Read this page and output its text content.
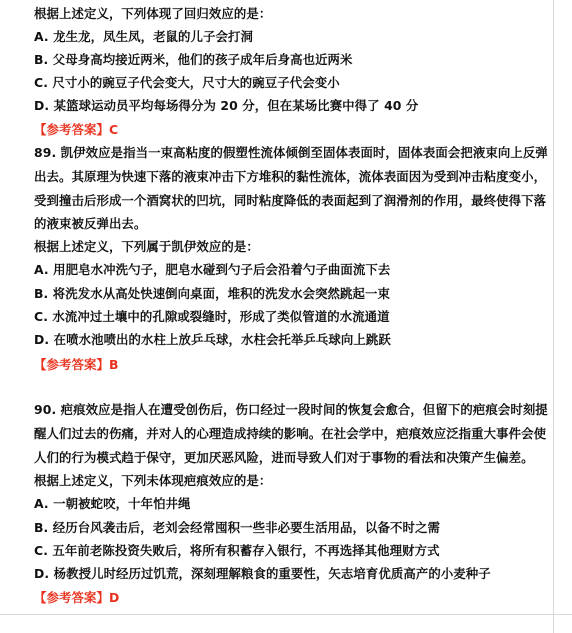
根据上述定义，下列体现了回归效应的是：
A. 龙生龙，凤生凤，老鼠的儿子会打洞
B. 父母身高均接近两米，他们的孩子成年后身高也近两米
C. 尺寸小的豌豆子代会变大，尺寸大的豌豆子代会变小
D. 某篮球运动员平均每场得分为 20 分，但在某场比赛中得了 40 分
【参考答案】C
89. 凯伊效应是指当一束高粘度的假塑性流体倾倒至固体表面时，固体表面会把液束向上反弹
出去。其原理为快速下落的液束冲击下方堆积的黏性流体，流体表面因为受到冲击粘度变小，
受到撞击后形成一个酒窝状的凹坑，同时粘度降低的表面起到了润滑剂的作用，最终使得下落
的液束被反弹出去。
根据上述定义，下列属于凯伊效应的是：
A. 用肥皂水冲洗勺子，肥皂水碰到勺子后会沿着勺子曲面流下去
B. 将洗发水从高处快速倒向桌面，堆积的洗发水会突然跳起一束
C. 水流冲过土壤中的孔隙或裂缝时，形成了类似管道的水流通道
D. 在喷水池喷出的水柱上放乒乓球，水柱会托举乒乓球向上跳跃
【参考答案】B
90. 疤痕效应是指人在遭受创伤后，伤口经过一段时间的恢复会愈合，但留下的疤痕会时刻提
醒人们过去的伤痛，并对人的心理造成持续的影响。在社会学中，疤痕效应泛指重大事件会使
人们的行为模式趋于保守，更加厌恶风险，进而导致人们对于事物的看法和决策产生偏差。
根据上述定义，下列未体现疤痕效应的是：
A. 一朝被蛇咬，十年怕井绳
B. 经历台风袭击后，老刘会经常囤积一些非必要生活用品，以备不时之需
C. 五年前老陈投资失败后，将所有积蓄存入银行，不再选择其他理财方式
D. 杨教授儿时经历过饥荒，深刻理解粮食的重要性，矢志培育优质高产的小麦种子
【参考答案】D
